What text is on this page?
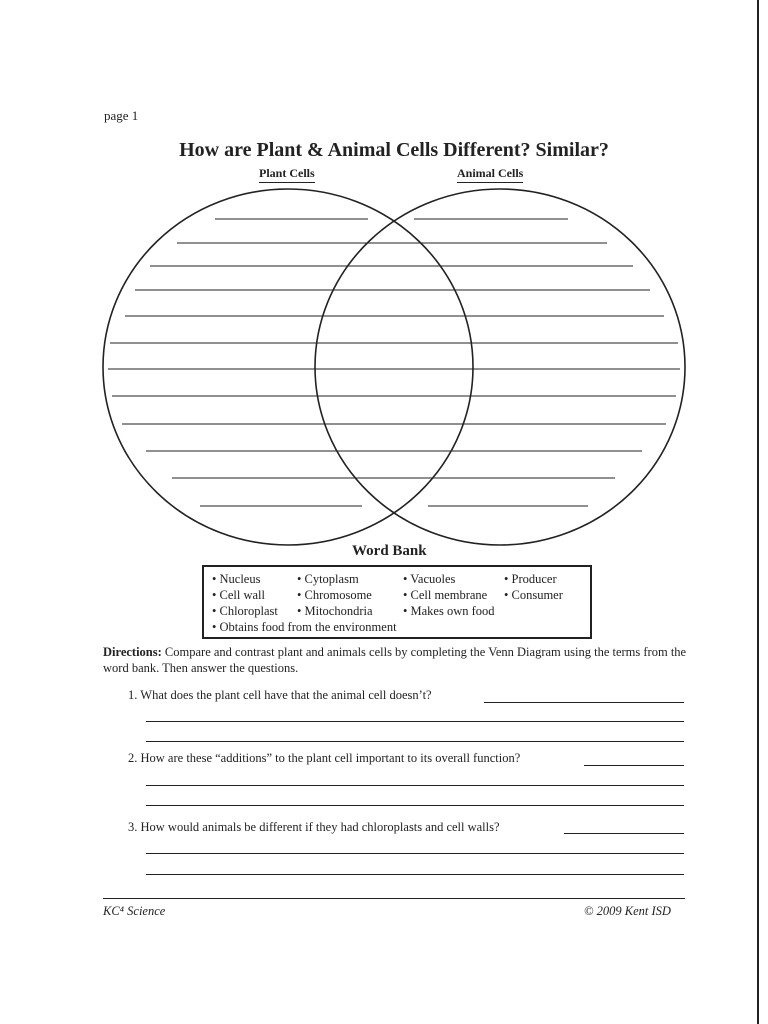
page 1
How are Plant & Animal Cells Different? Similar?
Plant Cells	Animal Cells
Word Bank
• Nucleus	• Cytoplasm	• Vacuoles	• Producer
• Cell wall	• Chromosome • Cell membrane • Consumer
• Chloroplast • Mitochondria • Makes own food
• Obtains food from the environment
Directions: Compare and contrast plant and animals cells by completing the Venn Diagram using the terms from the word bank. Then answer the questions.
1. What does the plant cell have that the animal cell doesn’t?
2. How are these “additions” to the plant cell important to its overall function?
3. How would animals be different if they had chloroplasts and cell walls?
KC⁴ Science	© 2009 Kent ISD
